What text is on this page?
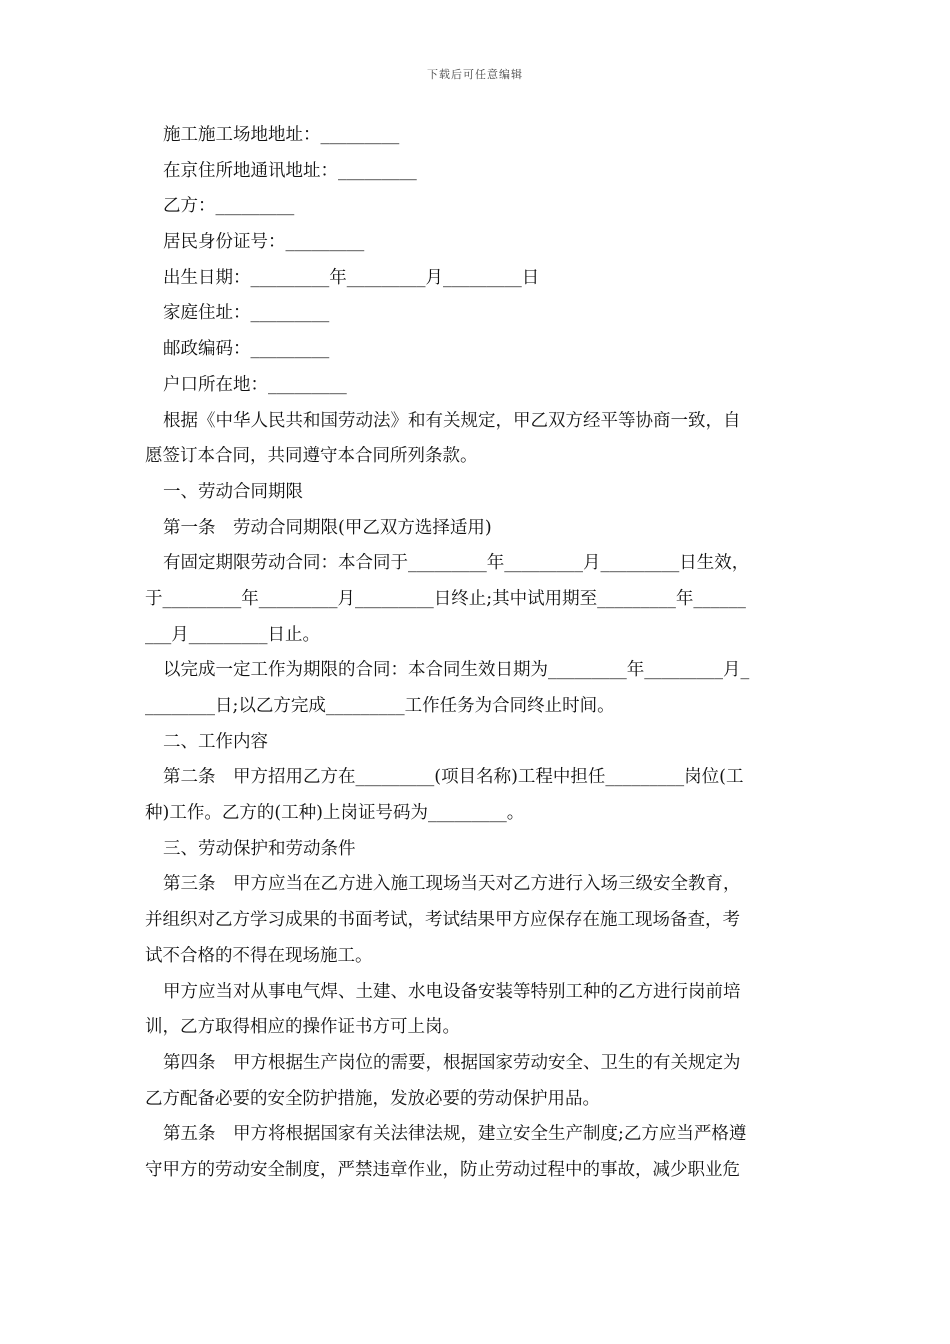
下载后可任意编辑
施工施工场地地址：_________
在京住所地通讯地址：_________
乙方：_________
居民身份证号：_________
出生日期：_________年_________月_________日
家庭住址：_________
邮政编码：_________
户口所在地：_________
根据《中华人民共和国劳动法》和有关规定，甲乙双方经平等协商一致，自
愿签订本合同，共同遵守本合同所列条款。
一、劳动合同期限
第一条　劳动合同期限(甲乙双方选择适用)
有固定期限劳动合同：本合同于_________年_________月_________日生效，
于_________年_________月_________日终止;其中试用期至_________年______
___月_________日止。
以完成一定工作为期限的合同：本合同生效日期为_________年_________月_
________日;以乙方完成_________工作任务为合同终止时间。
二、工作内容
第二条　甲方招用乙方在_________(项目名称)工程中担任_________岗位(工
种)工作。乙方的(工种)上岗证号码为_________。
三、劳动保护和劳动条件
第三条　甲方应当在乙方进入施工现场当天对乙方进行入场三级安全教育，
并组织对乙方学习成果的书面考试，考试结果甲方应保存在施工现场备查，考
试不合格的不得在现场施工。
甲方应当对从事电气焊、土建、水电设备安装等特别工种的乙方进行岗前培
训，乙方取得相应的操作证书方可上岗。
第四条　甲方根据生产岗位的需要，根据国家劳动安全、卫生的有关规定为
乙方配备必要的安全防护措施，发放必要的劳动保护用品。
第五条　甲方将根据国家有关法律法规，建立安全生产制度;乙方应当严格遵
守甲方的劳动安全制度，严禁违章作业，防止劳动过程中的事故，减少职业危
